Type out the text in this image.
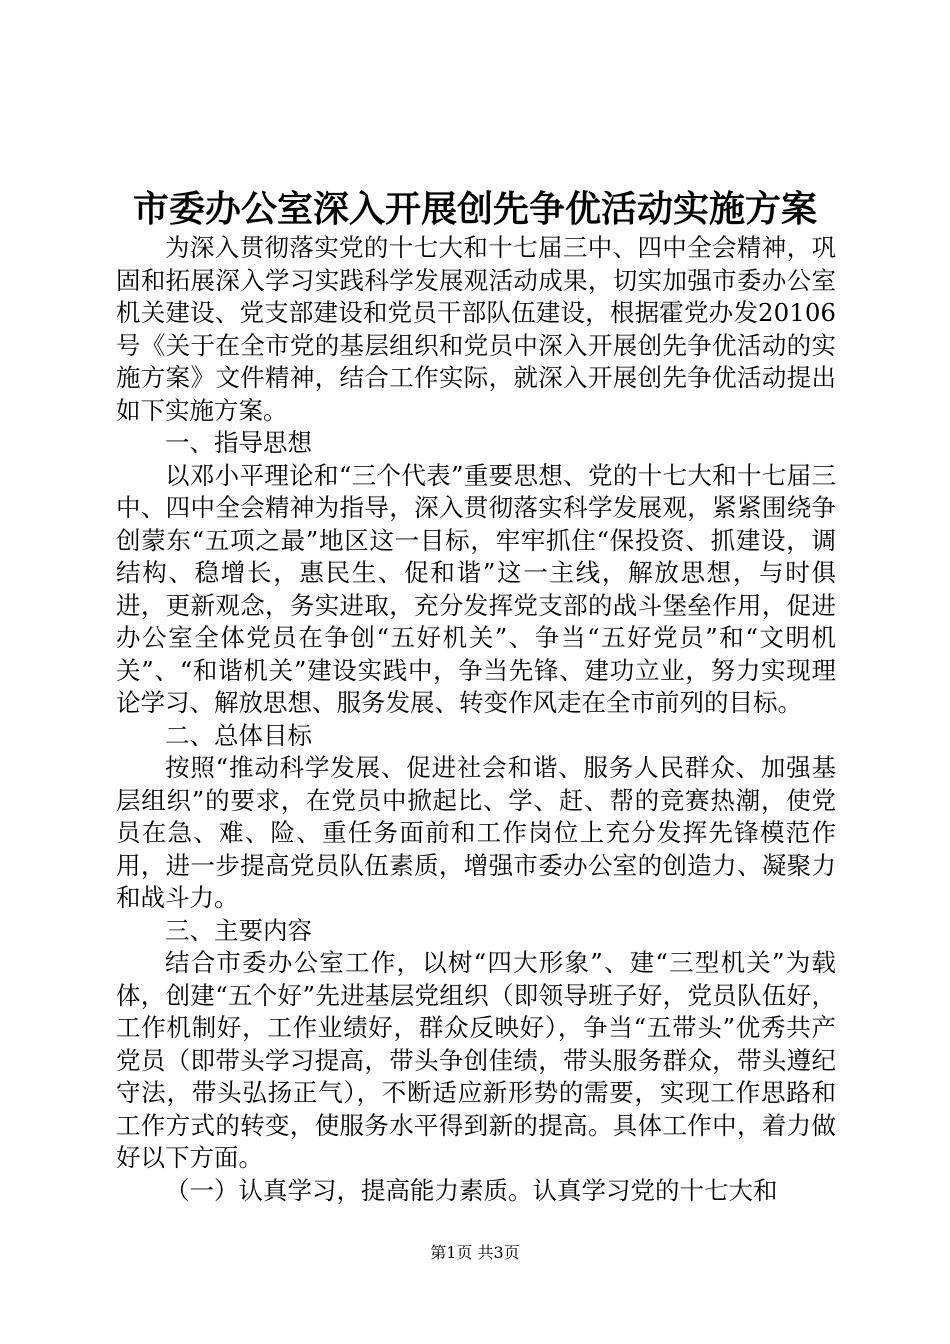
市委办公室深入开展创先争优活动实施方案

为深入贯彻落实党的十七大和十七届三中、四中全会精神，巩固和拓展深入学习实践科学发展观活动成果，切实加强市委办公室机关建设、党支部建设和党员干部队伍建设，根据霍党办发20106号《关于在全市党的基层组织和党员中深入开展创先争优活动的实施方案》文件精神，结合工作实际，就深入开展创先争优活动提出如下实施方案。

一、指导思想

以邓小平理论和“三个代表”重要思想、党的十七大和十七届三中、四中全会精神为指导，深入贯彻落实科学发展观，紧紧围绕争创蒙东“五项之最”地区这一目标，牢牢抓住“保投资、抓建设，调结构、稳增长，惠民生、促和谐”这一主线，解放思想，与时俱进，更新观念，务实进取，充分发挥党支部的战斗堡垒作用，促进办公室全体党员在争创“五好机关”、争当“五好党员”和“文明机关”、“和谐机关”建设实践中，争当先锋、建功立业，努力实现理论学习、解放思想、服务发展、转变作风走在全市前列的目标。

二、总体目标

按照“推动科学发展、促进社会和谐、服务人民群众、加强基层组织”的要求，在党员中掀起比、学、赶、帮的竞赛热潮，使党员在急、难、险、重任务面前和工作岗位上充分发挥先锋模范作用，进一步提高党员队伍素质，增强市委办公室的创造力、凝聚力和战斗力。

三、主要内容

结合市委办公室工作，以树“四大形象”、建“三型机关”为载体，创建“五个好”先进基层党组织（即领导班子好，党员队伍好，工作机制好，工作业绩好，群众反映好），争当“五带头”优秀共产党员（即带头学习提高，带头争创佳绩，带头服务群众，带头遵纪守法，带头弘扬正气），不断适应新形势的需要，实现工作思路和工作方式的转变，使服务水平得到新的提高。具体工作中，着力做好以下方面。

（一）认真学习，提高能力素质。认真学习党的十七大和

第1页 共3页
